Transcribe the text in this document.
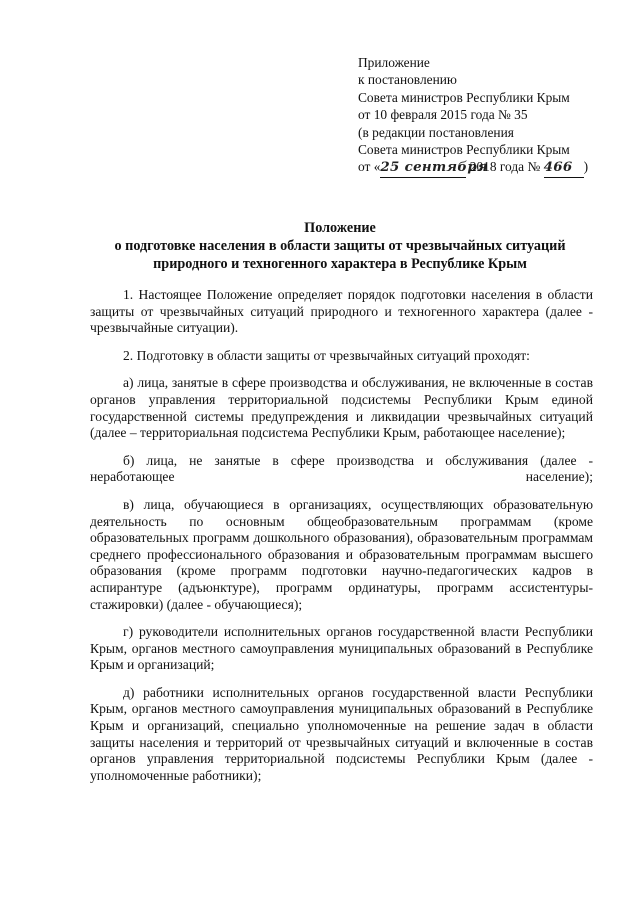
Приложение
к постановлению
Совета министров Республики Крым
от 10 февраля 2015 года № 35
(в редакции постановления
Совета министров Республики Крым
от «25 сентября 2018 года № 466 )
Положение
о подготовке населения в области защиты от чрезвычайных ситуаций
природного и техногенного характера в Республике Крым

1. Настоящее Положение определяет порядок подготовки населения в области защиты от чрезвычайных ситуаций природного и техногенного характера (далее - чрезвычайные ситуации).

2. Подготовку в области защиты от чрезвычайных ситуаций проходят:

а) лица, занятые в сфере производства и обслуживания, не включенные в состав органов управления территориальной подсистемы Республики Крым единой государственной системы предупреждения и ликвидации чрезвычайных ситуаций (далее – территориальная подсистема Республики Крым, работающее население);

б) лица, не занятые в сфере производства и обслуживания (далее - неработающее население);

в) лица, обучающиеся в организациях, осуществляющих образовательную деятельность по основным общеобразовательным программам (кроме образовательных программ дошкольного образования), образовательным программам среднего профессионального образования и образовательным программам высшего образования (кроме программ подготовки научно-педагогических кадров в аспирантуре (адъюнктуре), программ ординатуры, программ ассистентуры-стажировки) (далее - обучающиеся);

г) руководители исполнительных органов государственной власти Республики Крым, органов местного самоуправления муниципальных образований в Республике Крым и организаций;

д) работники исполнительных органов государственной власти Республики Крым, органов местного самоуправления муниципальных образований в Республике Крым и организаций, специально уполномоченные на решение задач в области защиты населения и территорий от чрезвычайных ситуаций и включенные в состав органов управления территориальной подсистемы Республики Крым (далее - уполномоченные работники);
